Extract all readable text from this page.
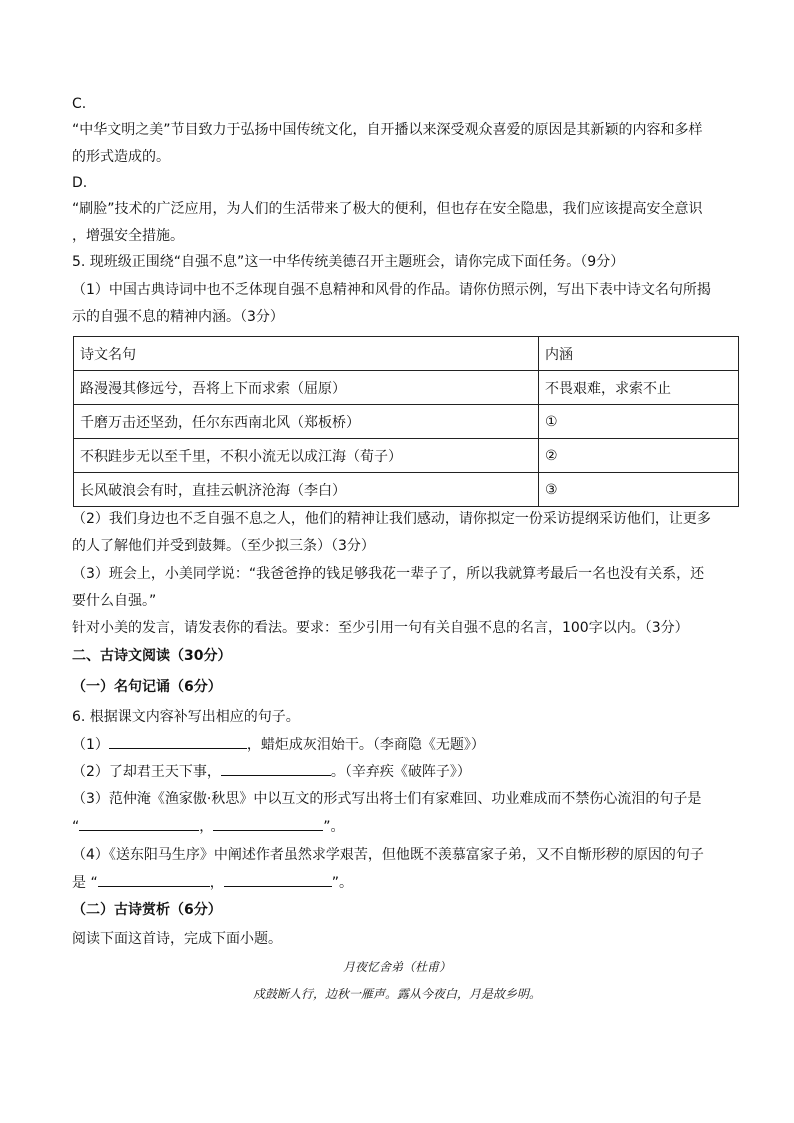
C.
“中华文明之美”节目致力于弘扬中国传统文化，自开播以来深受观众喜爱的原因是其新颖的内容和多样
的形式造成的。
D.
“刷脸”技术的广泛应用，为人们的生活带来了极大的便利，但也存在安全隐患，我们应该提高安全意识
，增强安全措施。
5. 现班级正围绕“自强不息”这一中华传统美德召开主题班会，请你完成下面任务。（9分）
（1）中国古典诗词中也不乏体现自强不息精神和风骨的作品。请你仿照示例，写出下表中诗文名句所揭
示的自强不息的精神内涵。（3分）
诗文名句	内涵
路漫漫其修远兮，吾将上下而求索（屈原）	不畏艰难，求索不止
千磨万击还坚劲，任尔东西南北风（郑板桥）	①
不积跬步无以至千里，不积小流无以成江海（荀子）	②
长风破浪会有时，直挂云帆济沧海（李白）	③
（2）我们身边也不乏自强不息之人，他们的精神让我们感动，请你拟定一份采访提纲采访他们，让更多
的人了解他们并受到鼓舞。（至少拟三条）（3分）
（3）班会上，小美同学说：“我爸爸挣的钱足够我花一辈子了，所以我就算考最后一名也没有关系，还
要什么自强。”
针对小美的发言，请发表你的看法。要求：至少引用一句有关自强不息的名言，100字以内。（3分）
二、古诗文阅读（30分）
（一）名句记诵（6分）
6. 根据课文内容补写出相应的句子。
（1）	，蜡炬成灰泪始干。（李商隐《无题》）
（2）了却君王天下事，	。（辛弃疾《破阵子》）
（3）范仲淹《渔家傲·秋思》中以互文的形式写出将士们有家难回、功业难成而不禁伤心流泪的句子是
“	，	”。
（4）《送东阳马生序》中阐述作者虽然求学艰苦，但他既不羡慕富家子弟，又不自惭形秽的原因的句子
是 “	，	”。
（二）古诗赏析（6分）
阅读下面这首诗，完成下面小题。
月夜忆舍弟（杜甫）
戍鼓断人行，边秋一雁声。露从今夜白，月是故乡明。
